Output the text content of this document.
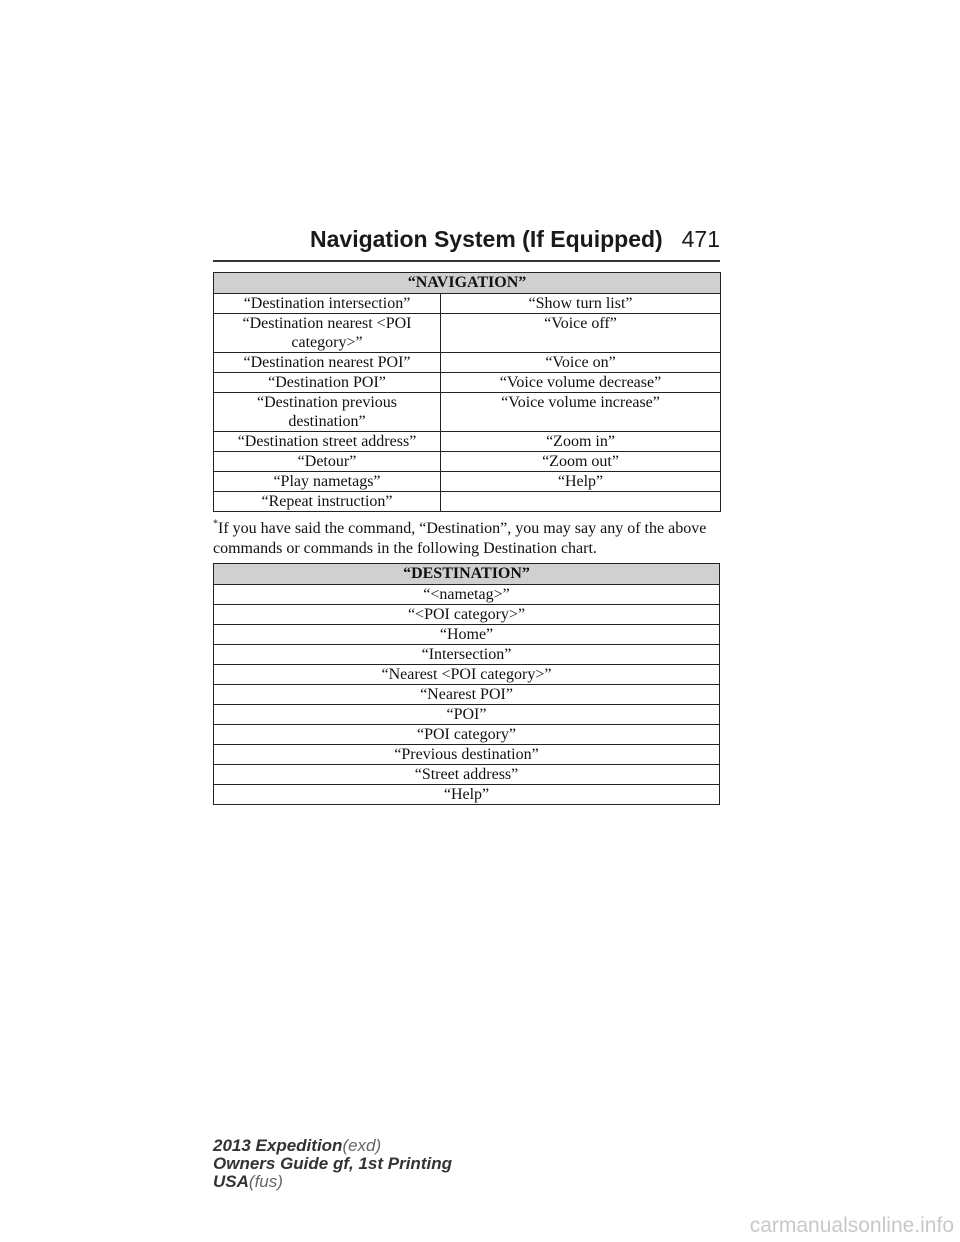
Navigation System (If Equipped) 471
“NAVIGATION”	
“Destination intersection”	“Show turn list”
“Destination nearest <POI category>”	“Voice off”
“Destination nearest POI”	“Voice on”
“Destination POI”	“Voice volume decrease”
“Destination previous destination”	“Voice volume increase”
“Destination street address”	“Zoom in”
“Detour”	“Zoom out”
“Play nametags”	“Help”
“Repeat instruction”	
*If you have said the command, “Destination”, you may say any of the above commands or commands in the following Destination chart.
“DESTINATION”
“<nametag>”
“<POI category>”
“Home”
“Intersection”
“Nearest <POI category>”
“Nearest POI”
“POI”
“POI category”
“Previous destination”
“Street address”
“Help”
2013 Expedition(exd)
Owners Guide gf, 1st Printing
USA(fus)
carmanualsonline.info
